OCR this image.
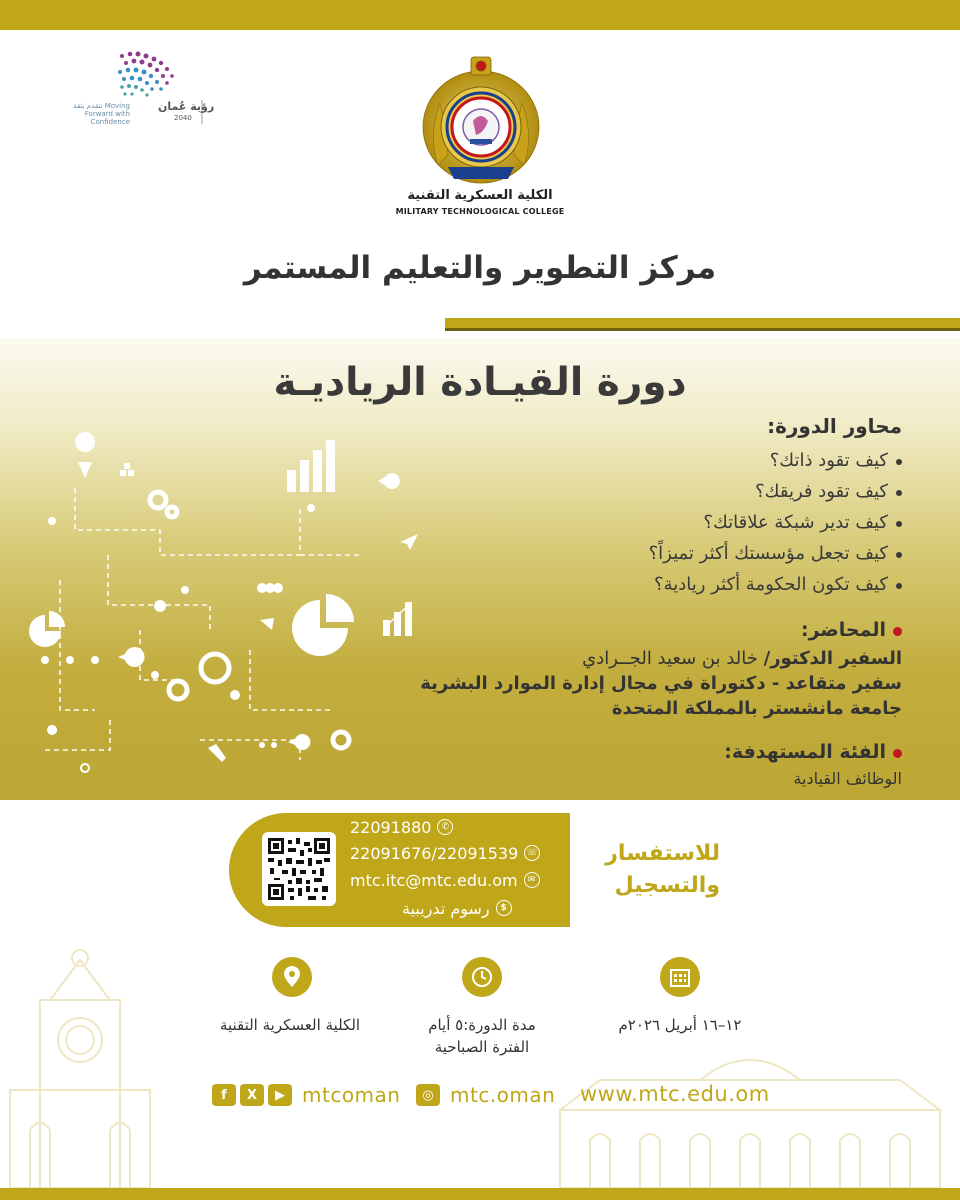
رؤية عُمان
2040
نتقدم بثقة Moving Forward with Confidence
الكلية العسكرية التقنية
MILITARY TECHNOLOGICAL COLLEGE
مركز التطوير والتعليم المستمر
دورة القيـادة الرياديـة
محاور الدورة:
كيف تقود ذاتك؟
كيف تقود فريقك؟
كيف تدير شبكة علاقاتك؟
كيف تجعل مؤسستك أكثر تميزاً؟
كيف تكون الحكومة أكثر ريادية؟
المحاضر:
السفير الدكتور/ خالد بن سعيد الجــرادي
سفير متقاعد - دكتوراة في مجال إدارة الموارد البشرية
جامعة مانشستر بالمملكة المتحدة
الفئة المستهدفة:
الوظائف القيادية
22091880	✆
22091676/22091539 ☏
mtc.itc@mtc.edu.om	✉
رسوم تدريبية	$
للاستفسار
والتسجيل
١٢–١٦ أبريل ٢٠٢٦م
مدة الدورة:٥ أيام
الفترة الصباحية
الكلية العسكرية التقنية
f	X	▶ mtcoman	◎ mtc.oman www.mtc.edu.om
